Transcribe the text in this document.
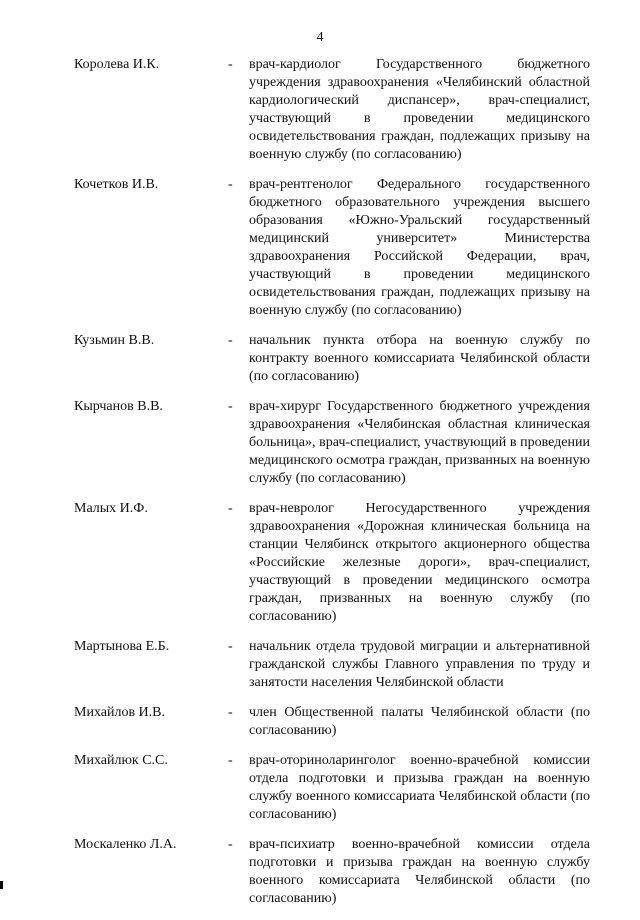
4
Королева И.К.	- врач-кардиолог Государственного бюджетного учреждения здравоохранения «Челябинский областной кардиологический диспансер», врач-специалист, участвующий в проведении медицинского освидетельствования граждан, подлежащих призыву на военную службу (по согласованию)
Кочетков И.В.	- врач-рентгенолог Федерального государственного бюджетного образовательного учреждения высшего образования «Южно-Уральский государственный медицинский университет» Министерства здравоохранения Российской Федерации, врач, участвующий в проведении медицинского освидетельствования граждан, подлежащих призыву на военную службу (по согласованию)
Кузьмин В.В.	- начальник пункта отбора на военную службу по контракту военного комиссариата Челябинской области (по согласованию)
Кырчанов В.В.	- врач-хирург Государственного бюджетного учреждения здравоохранения «Челябинская областная клиническая больница», врач-специалист, участвующий в проведении медицинского осмотра граждан, призванных на военную службу (по согласованию)
Малых И.Ф.	- врач-невролог Негосударственного учреждения здравоохранения «Дорожная клиническая больница на станции Челябинск открытого акционерного общества «Российские железные дороги», врач-специалист, участвующий в проведении медицинского осмотра граждан, призванных на военную службу (по согласованию)
Мартынова Е.Б.	- начальник отдела трудовой миграции и альтернативной гражданской службы Главного управления по труду и занятости населения Челябинской области
Михайлов И.В.	- член Общественной палаты Челябинской области (по согласованию)
Михайлюк С.С.	- врач-оториноларинголог военно-врачебной комиссии отдела подготовки и призыва граждан на военную службу военного комиссариата Челябинской области (по согласованию)
Москаленко Л.А.	- врач-психиатр военно-врачебной комиссии отдела подготовки и призыва граждан на военную службу военного комиссариата Челябинской области (по согласованию)
